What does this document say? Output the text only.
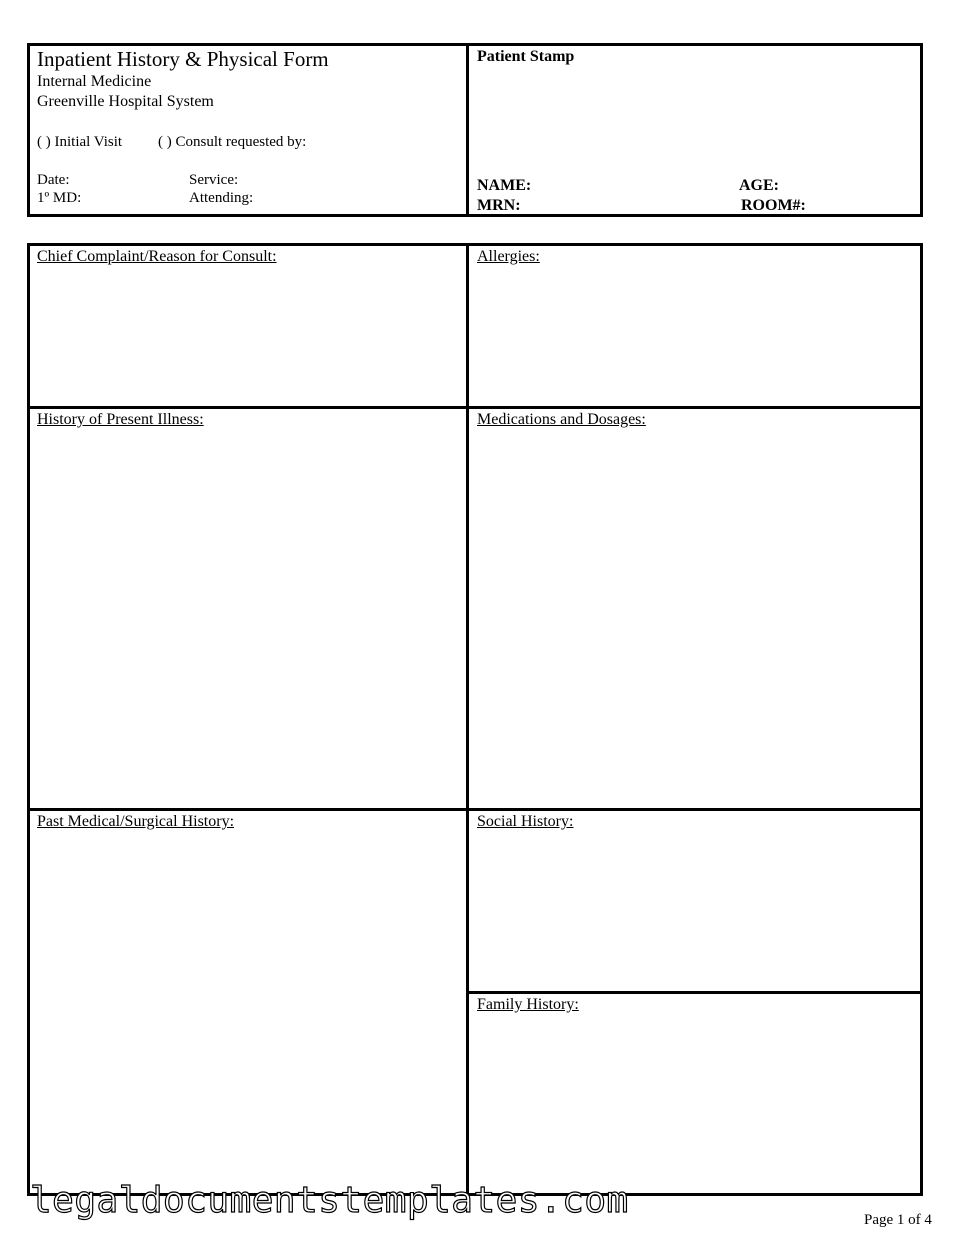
Inpatient History & Physical Form
Internal Medicine
Greenville Hospital System
( ) Initial Visit ( ) Consult requested by:
Date:	Service:
1º MD:	Attending:
Patient Stamp
NAME:	AGE:
MRN:	ROOM#:
Chief Complaint/Reason for Consult:	Allergies:
History of Present Illness:	Medications and Dosages:
Past Medical/Surgical History:	Social History:
Family History:
legaldocumentstemplates.com	Page 1 of 4
